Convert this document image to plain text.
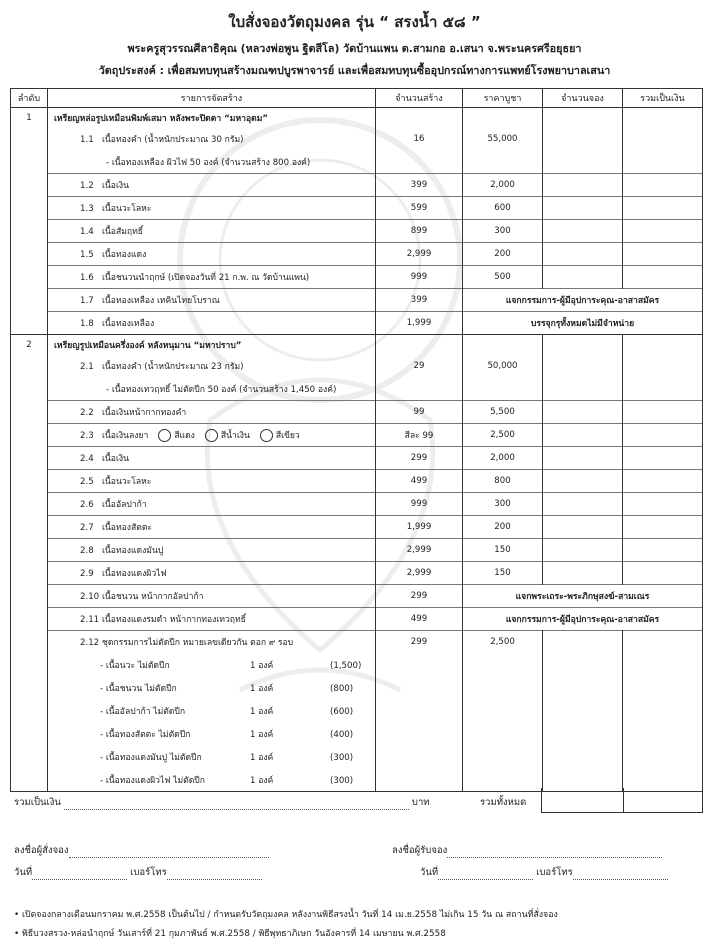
ใบสั่งจองวัตถุมงคล รุ่น “ สรงน้ำ ๕๘ ”
พระครูสุวรรณศีลาธิคุณ (หลวงพ่อพูน ฐิตสีโล) วัดบ้านแพน ต.สามกอ อ.เสนา จ.พระนครศรีอยุธยา
วัตถุประสงค์ : เพื่อสมทบทุนสร้างมณฑปบูรพาจารย์ และเพื่อสมทบทุนซื้ออุปกรณ์ทางการแพทย์โรงพยาบาลเสนา
ลำดับ	รายการจัดสร้าง	จำนวนสร้าง	ราคาบูชา	จำนวนจอง	รวมเป็นเงิน
1	เหรียญหล่อรูปเหมือนพิมพ์เสมา หลังพระปิดตา “มหาอุดม”				
	1.1 เนื้อทองคำ (น้ำหนักประมาณ 30 กรัม)	16	55,000		
	- เนื้อทองเหลือง ผิวไฟ 50 องค์ (จำนวนสร้าง 800 องค์)				
	1.2 เนื้อเงิน	399	2,000		
	1.3 เนื้อนวะโลหะ	599	600		
	1.4 เนื้อสัมฤทธิ์	899	300		
	1.5 เนื้อทองแดง	2,999	200		
	1.6 เนื้อชนวนนำฤกษ์ (เปิดจองวันที่ 21 ก.พ. ณ วัดบ้านแพน)	999	500		
	1.7 เนื้อทองเหลือง เทคินไทยโบราณ	399	แจกกรรมการ-ผู้มีอุปการะคุณ-อาสาสมัคร		
	1.8 เนื้อทองเหลือง	1,999	บรรจุกรุทั้งหมดไม่มีจำหน่าย		
2	เหรียญรูปเหมือนครึ่งองค์ หลังหนุมาน “มหาปราบ”				
	2.1 เนื้อทองคำ (น้ำหนักประมาณ 23 กรัม)	29	50,000		
	- เนื้อทองเทวฤทธิ์ ไม่ตัดปีก 50 องค์ (จำนวนสร้าง 1,450 องค์)				
	2.2 เนื้อเงินหน้ากากทองคำ	99	5,500		
	2.3 เนื้อเงินลงยา สีแดง สีน้ำเงิน สีเขียว	สีละ 99	2,500		
	2.4 เนื้อเงิน	299	2,000		
	2.5 เนื้อนวะโลหะ	499	800		
	2.6 เนื้ออัลปาก้า	999	300		
	2.7 เนื้อทองสัตตะ	1,999	200		
	2.8 เนื้อทองแดงมันปู	2,999	150		
	2.9 เนื้อทองแดงผิวไฟ	2,999	150		
	2.10 เนื้อชนวน หน้ากากอัลปาก้า	299	แจกพระเถระ-พระภิกษุสงฆ์-สามเณร		
	2.11 เนื้อทองแดงรมดำ หน้ากากทองเทวฤทธิ์	499	แจกกรรมการ-ผู้มีอุปการะคุณ-อาสาสมัคร		
	2.12 ชุดกรรมการไม่ตัดปีก หมายเลขเดียวกัน ตอก ๙ รอบ	299	2,500		
	- เนื้อนวะ ไม่ตัดปีก 1 องค์ (1,500)				
	- เนื้อชนวน ไม่ตัดปีก 1 องค์ (800)				
	- เนื้ออัลปาก้า ไม่ตัดปีก 1 องค์ (600)				
	- เนื้อทองสัตตะ ไม่ตัดปีก 1 องค์ (400)				
	- เนื้อทองแดงมันปู ไม่ตัดปีก 1 องค์ (300)				
	- เนื้อทองแดงผิวไฟ ไม่ตัดปีก 1 องค์ (300)				
รวมเป็นเงิน	บาท	รวมทั้งหมด
ลงชื่อผู้สั่งจอง
วันที่	เบอร์โทร
ลงชื่อผู้รับจอง
วันที่	เบอร์โทร
• เปิดจองกลางเดือนมกราคม พ.ศ.2558 เป็นต้นไป / กำหนดรับวัตถุมงคล หลังงานพิธีสรงน้ำ วันที่ 14 เม.ย.2558 ไม่เกิน 15 วัน ณ สถานที่สั่งจอง
• พิธีบวงสรวง-หล่อนำฤกษ์ วันเสาร์ที่ 21 กุมภาพันธ์ พ.ศ.2558 / พิธีพุทธาภิเษก วันอังคารที่ 14 เมษายน พ.ศ.2558
